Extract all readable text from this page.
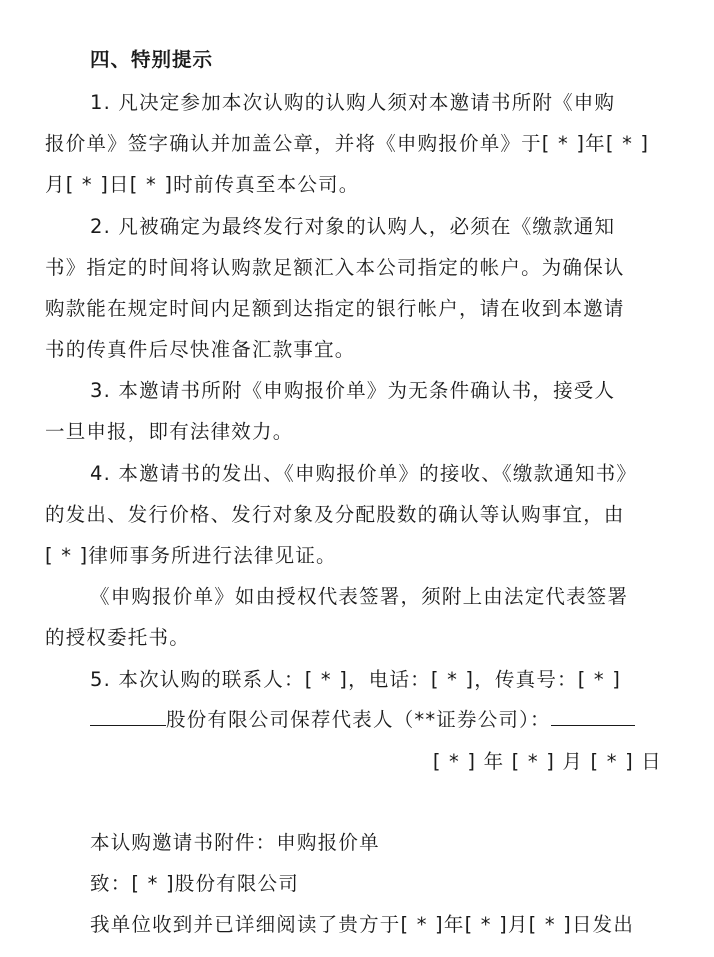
四、特别提示
1. 凡决定参加本次认购的认购人须对本邀请书所附《申购
报价单》签字确认并加盖公章，并将《申购报价单》于[ * ]年[ * ]
月[ * ]日[ * ]时前传真至本公司。
2. 凡被确定为最终发行对象的认购人，必须在《缴款通知
书》指定的时间将认购款足额汇入本公司指定的帐户。为确保认
购款能在规定时间内足额到达指定的银行帐户，请在收到本邀请
书的传真件后尽快准备汇款事宜。
3. 本邀请书所附《申购报价单》为无条件确认书，接受人
一旦申报，即有法律效力。
4. 本邀请书的发出、《申购报价单》的接收、《缴款通知书》
的发出、发行价格、发行对象及分配股数的确认等认购事宜，由
[ * ]律师事务所进行法律见证。
《申购报价单》如由授权代表签署，须附上由法定代表签署
的授权委托书。
5. 本次认购的联系人：[ * ]，电话：[ * ]，传真号：[ * ]
股份有限公司保荐代表人（**证券公司）：
[ * ] 年 [ * ] 月 [ * ] 日
本认购邀请书附件：申购报价单
致：[ * ]股份有限公司
我单位收到并已详细阅读了贵方于[ * ]年[ * ]月[ * ]日发出
